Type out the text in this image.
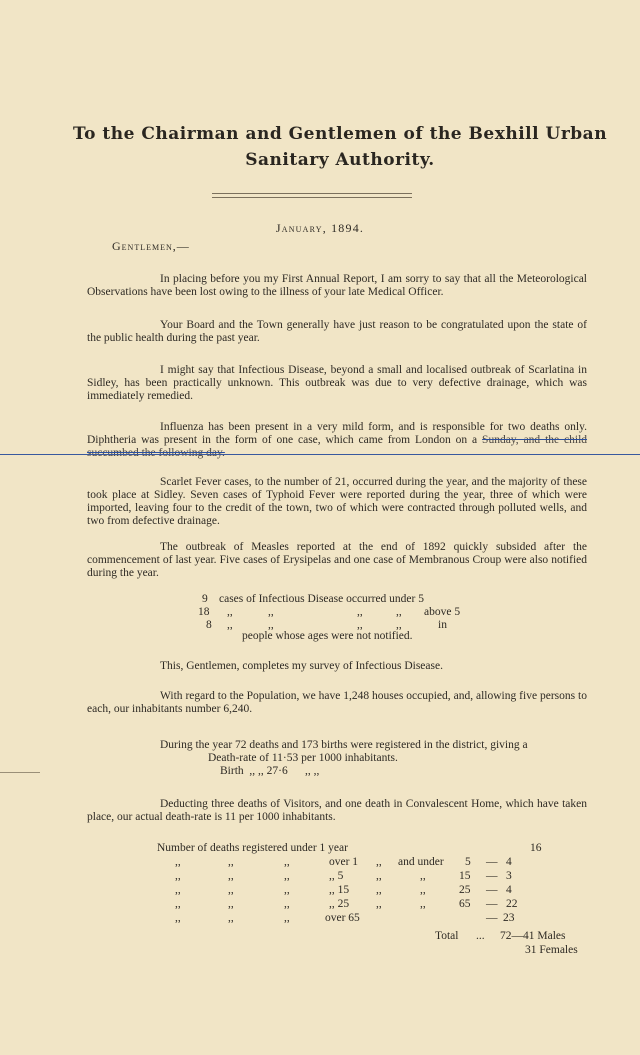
To the Chairman and Gentlemen of the Bexhill Urban
Sanitary Authority.
January, 1894.
Gentlemen,—

In placing before you my First Annual Report, I am sorry to say that all the Meteorological Observations have been lost owing to the illness of your late Medical Officer.

Your Board and the Town generally have just reason to be congratulated upon the state of the public health during the past year.

I might say that Infectious Disease, beyond a small and localised outbreak of Scarlatina in Sidley, has been practically unknown. This outbreak was due to very defective drainage, which was immediately remedied.

Influenza has been present in a very mild form, and is responsible for two deaths only. Diphtheria was present in the form of one case, which came from London on a Sunday, and the child succumbed the following day.

Scarlet Fever cases, to the number of 21, occurred during the year, and the majority of these took place at Sidley. Seven cases of Typhoid Fever were reported during the year, three of which were imported, leaving four to the credit of the town, two of which were contracted through polluted wells, and two from defective drainage.

The outbreak of Measles reported at the end of 1892 quickly subsided after the commencement of last year. Five cases of Erysipelas and one case of Membranous Croup were also notified during the year.

9 cases of Infectious Disease occurred under 5
18 ,,	,,	,,	,, above 5
8 ,,	,,	,,	,,	in
people whose ages were not notified.

This, Gentlemen, completes my survey of Infectious Disease.

With regard to the Population, we have 1,248 houses occupied, and, allowing five persons to each, our inhabitants number 6,240.

During the year 72 deaths and 173 births were registered in the district, giving a
Death-rate of 11·53 per 1000 inhabitants.
Birth ,, ,, 27·6 ,, ,,

Deducting three deaths of Visitors, and one death in Convalescent Home, which have taken place, our actual death-rate is 11 per 1000 inhabitants.

Number of deaths registered under 1 year	16
,,	,,	,,	over 1 ,, and under 5 — 4
,,	,,	,,	,, 5	,,	,,	15 — 3
,,	,,	,,	,, 15 ,,	,,	25 — 4
,,	,,	,,	,, 25 ,,	,,	65 — 22
,,	,,	,,	over 65	— 23
Total ... 72—41 Males
31 Females
